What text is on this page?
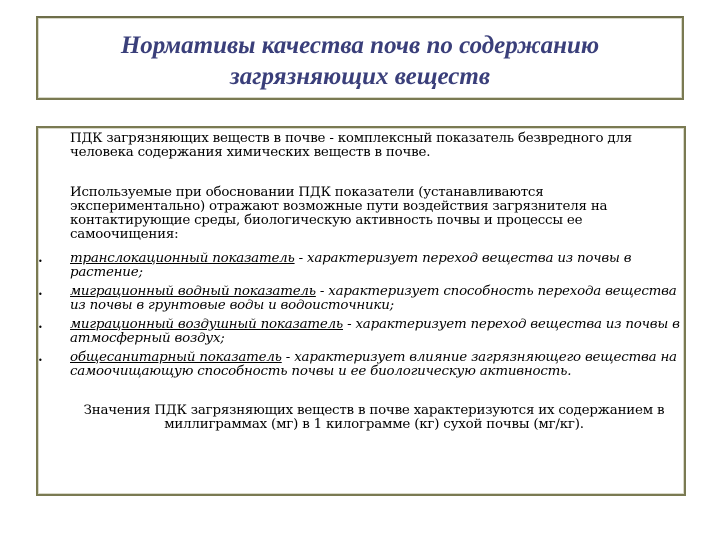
Нормативы качества почв по содержанию
загрязняющих веществ
ПДК загрязняющих веществ в почве - комплексный показатель безвредного для человека содержания химических веществ в почве.
Используемые при обосновании ПДК показатели (устанавливаются экспериментально) отражают возможные пути воздействия загрязнителя на контактирующие среды, биологическую активность почвы и процессы ее самоочищения:
• транслокационный показатель - характеризует переход вещества из почвы в растение;
• миграционный водный показатель - характеризует способность перехода вещества из почвы в грунтовые воды и водоисточники;
• миграционный воздушный показатель - характеризует переход вещества из почвы в атмосферный воздух;
• общесанитарный показатель - характеризует влияние загрязняющего вещества на самоочищающую способность почвы и ее биологическую активность.
Значения ПДК загрязняющих веществ в почве характеризуются их содержанием в миллиграммах (мг) в 1 килограмме (кг) сухой почвы (мг/кг).
